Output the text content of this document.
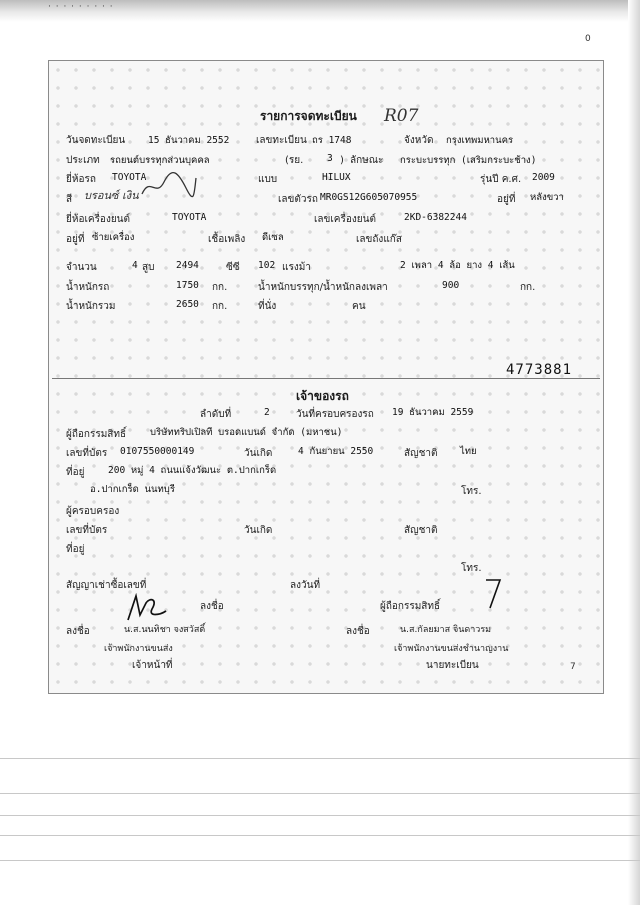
· · · · · · · · ·
0
รายการจดทะเบียน R07
วันจดทะเบียน 15 ธันวาคม 2552	เลขทะเบียน ถร 1748	จังหวัด กรุงเทพมหานคร
ประเภท รถยนต์บรรทุกส่วนบุคคล	(รย. 3 ) ลักษณะ กระบะบรรทุก (เสริมกระบะช้าง)
ยี่ห้อรถ TOYOTA	แบบ	HILUX	รุ่นปี ค.ศ. 2009
สี บรอนซ์ เงิน	เลขตัวรถ MR0GS12G605070955	อยู่ที่ หลังขวา
ยี่ห้อเครื่องยนต์	TOYOTA	เลขเครื่องยนต์	2KD-6382244
อยู่ที่ ซ้ายเครื่อง	เชื้อเพลิง ดีเซล	เลขถังแก๊ส
จำนวน	4 สูบ 2494	ซีซี 102 แรงม้า	2 เพลา 4 ล้อ ยาง 4 เส้น
น้ำหนักรถ	1750 กก.	น้ำหนักบรรทุก/น้ำหนักลงเพลา	900	กก.
น้ำหนักรวม	2650 กก.	ที่นั่ง	คน
4773881
เจ้าของรถ
ลำดับที่	2	วันที่ครอบครองรถ 19 ธันวาคม 2559
ผู้ถือกรรมสิทธิ์	บริษัททริปเปิลที บรอดแบนด์ จำกัด (มหาชน)
เลขที่บัตร 0107550000149	วันเกิด	4 กันยายน 2550	สัญชาติ ไทย
ที่อยู่ 200 หมู่ 4 ถนนแจ้งวัฒนะ ต.ปากเกร็ด
อ.ปากเกร็ด นนทบุรี	โทร.
ผู้ครอบครอง
เลขที่บัตร	วันเกิด	สัญชาติ
ที่อยู่
โทร.
สัญญาเช่าซื้อเลขที่	ลงวันที่
ลงชื่อ	ผู้ถือกรรมสิทธิ์
ลงชื่อ	น.ส.นนทิชา จงสวัสดิ์
เจ้าพนักงานขนส่ง
เจ้าหน้าที่
ลงชื่อ	น.ส.กัลยมาส จินดาวรม
เจ้าพนักงานขนส่งชำนาญงาน
นายทะเบียน	7
